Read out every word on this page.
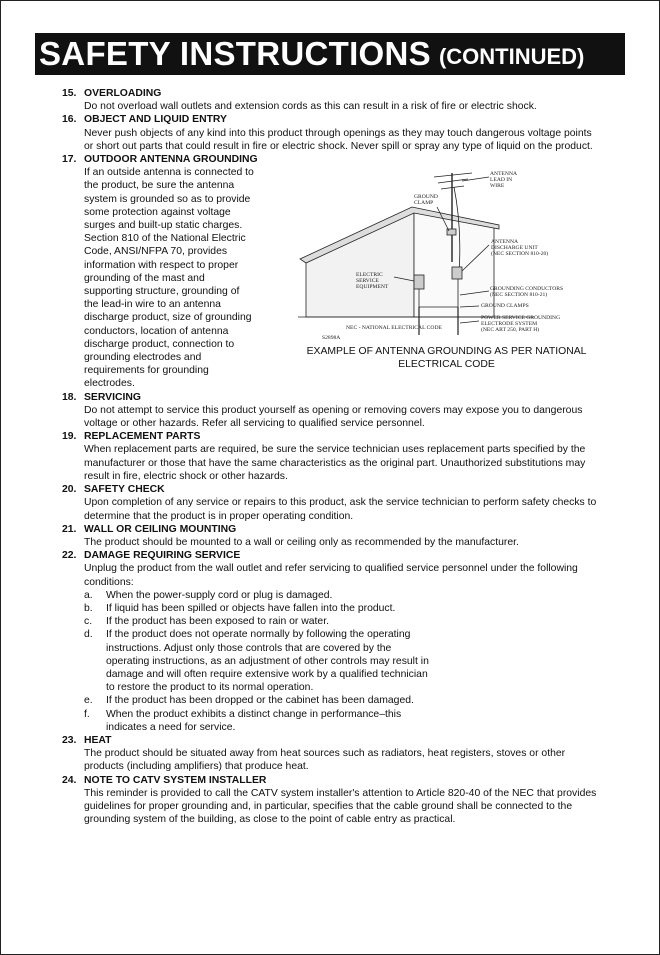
SAFETY INSTRUCTIONS (CONTINUED)
15. OVERLOADING
Do not overload wall outlets and extension cords as this can result in a risk of fire or electric shock.
16. OBJECT AND LIQUID ENTRY
Never push objects of any kind into this product through openings as they may touch dangerous voltage points or short out parts that could result in fire or electric shock. Never spill or spray any type of liquid on the product.
17. OUTDOOR ANTENNA GROUNDING
If an outside antenna is connected to the product, be sure the antenna system is grounded so as to provide some protection against voltage surges and built-up static charges. Section 810 of the National Electric Code, ANSI/NFPA 70, provides information with respect to proper grounding of the mast and supporting structure, grounding of the lead-in wire to an antenna discharge product, size of grounding conductors, location of antenna discharge product, connection to grounding electrodes and requirements for grounding electrodes.
ANTENNA
LEAD IN
WIRE
GROUND
CLAMP
ANTENNA
DISCHARGE UNIT
(NEC SECTION 810-20)
ELECTRIC
SERVICE
EQUIPMENT	GROUNDING CONDUCTORS
(NEC SECTION 810-21)
GROUND CLAMPS
POWER SERVICE GROUNDING
ELECTRODE SYSTEM
(NEC ART 250, PART H)
NEC - NATIONAL ELECTRICAL CODE
S2898A
EXAMPLE OF ANTENNA GROUNDING AS PER NATIONAL ELECTRICAL CODE
18. SERVICING
Do not attempt to service this product yourself as opening or removing covers may expose you to dangerous voltage or other hazards. Refer all servicing to qualified service personnel.
19. REPLACEMENT PARTS
When replacement parts are required, be sure the service technician uses replacement parts specified by the manufacturer or those that have the same characteristics as the original part. Unauthorized substitutions may result in fire, electric shock or other hazards.
20. SAFETY CHECK
Upon completion of any service or repairs to this product, ask the service technician to perform safety checks to determine that the product is in proper operating condition.
21. WALL OR CEILING MOUNTING
The product should be mounted to a wall or ceiling only as recommended by the manufacturer.
22. DAMAGE REQUIRING SERVICE
Unplug the product from the wall outlet and refer servicing to qualified service personnel under the following conditions:
a. When the power-supply cord or plug is damaged.
b. If liquid has been spilled or objects have fallen into the product.
c. If the product has been exposed to rain or water.
d. If the product does not operate normally by following the operating instructions. Adjust only those controls that are covered by the operating instructions, as an adjustment of other controls may result in damage and will often require extensive work by a qualified technician to restore the product to its normal operation.
e. If the product has been dropped or the cabinet has been damaged.
f. When the product exhibits a distinct change in performance–this indicates a need for service.
23. HEAT
The product should be situated away from heat sources such as radiators, heat registers, stoves or other products (including amplifiers) that produce heat.
24. NOTE TO CATV SYSTEM INSTALLER
This reminder is provided to call the CATV system installer's attention to Article 820-40 of the NEC that provides guidelines for proper grounding and, in particular, specifies that the cable ground shall be connected to the grounding system of the building, as close to the point of cable entry as practical.
